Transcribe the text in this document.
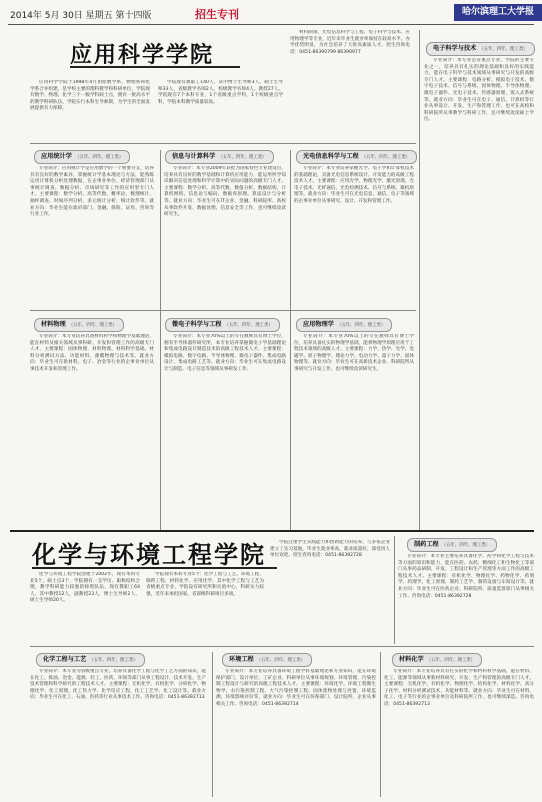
2014年 5月 30日 星期五 第十四版	招生专刊	哈尔滨理工大学报
应用科学学院

应用科学学院于1998年4月由原数学系、物理系和化学系合并组建，是学校主要的理科教学和科研单位，学院现有数学、物理、化学三个一级学科硕士点，拥有一批高水平的教学科研队伍，学院实行本科生导师制，为学生的全面发展提供有力保障。

学院现有教职工140人，其中博士生导师3人，硕士生导师33人，省级教学名师2人，校级教学名师4人，教授27人。学院现有7个本科专业，1个省级重点学科，1个校级重点学科，学院本科教学质量较高。

材料制备、光电信息科学与工程、电子科学与技术、应用物理学等专业，近年来毕业生就业率保持在较高水平。办学优势明显，为社会培养了大批高素质人才。招生咨询电话：0451-86390799 86390977

应用统计学 （五年、四年、理工类）

专业简介：应用统计学是应用数学的一个重要分支，培养具有良好的数学素养，掌握统计学基本理论与方法，能熟练运用计算机分析处理数据，在企事业单位、经济管理部门从事统计调查、数据分析、市场研究等工作的应用型专门人才。主要课程：数学分析、高等代数、概率论、数理统计、抽样调查、时间序列分析、多元统计分析、统计软件等。就业方向：毕业生能在政府部门、金融、保险、证券、咨询等行业工作。

信息与计算科学 （五年、四年、理工类）

专业简介：本专业2009年获批为国家特色专业建设点，培养具有良好的数学基础和计算机应用能力，能运用所学知识解决信息处理和科学计算中的实际问题的高级专门人才。主要课程：数学分析、高等代数、数值分析、数据结构、计算机网络、信息论与编码、数据库原理、算法设计与分析等。就业方向：毕业生可在IT企业、金融、科研院所、高校从事软件开发、数据处理、信息安全等工作，也可继续攻读研究生。

光电信息科学与工程 （五年、四年、理工类）

专业简介：本专业培养掌握光学、电子学和计算机技术的基础理论，具备光电信息系统设计、开发能力的高级工程技术人才。主要课程：应用光学、物理光学、激光原理、光电子技术、光纤通信、光电检测技术、信号与系统、微机原理等。就业方向：毕业生可在光电信息、通信、电子等领域的企事业单位从事研究、设计、开发和管理工作。

材料物理 （五年、四年、理工类）

专业简介：本专业培养具备材料科学和物理学基础理论，能在材料及相关领域从事科研、开发和管理工作的高级专门人才。主要课程：固体物理、材料物理、材料科学基础、材料分析测试方法、功能材料、薄膜物理与技术等。就业方向：毕业生可在新材料、电子、冶金等行业的企事业单位从事技术开发和管理工作。

微电子科学与工程 （五年、四年、理工类）

专业简介：本专业70%以上的专任教师具有博士学位，拥有半导体器件研究所，本专业培养掌握微电子学基础理论和集成电路设计制造技术的高级工程技术人才。主要课程：模拟电路、数字电路、半导体物理、微电子器件、集成电路设计、集成电路工艺等。就业方向：毕业生可在集成电路设计与制造、电子信息等领域从事研发工作。

应用物理学 （五年、四年、理工类）

专业简介：本专业70%以上的专任教师具有博士学位，培养具备扎实的物理学基础，能将物理学原理应用于工程技术领域的高级人才。主要课程：力学、热学、光学、电磁学、原子物理学、理论力学、电动力学、量子力学、固体物理等。就业方向：毕业生可在高新技术企业、科研院所从事研究与开发工作，也可继续攻读研究生。

电子科学与技术 （五年、四年、理工类）

专业简介：本专业是省重点专业，学院的主要专业之一，培养具有扎实的理论基础和良好的实践能力，能在电子科学与技术领域从事研究与开发的高级专门人才。主要课程：电路分析、模拟电子技术、数字电子技术、信号与系统、固体物理、半导体物理、微电子器件、光电子技术、传感器原理、嵌入式系统等。就业方向：毕业生可在电子、通信、计算机等行业从事设计、开发、生产和管理工作，也可在高校和科研院所从事教学与科研工作，还可继续攻读硕士学位。

化学与环境工程学院

化学与环境工程学院创建于2002年，现有本科专业5个，硕士点3个，学院拥有一支学历、职称结构合理，教学科研能力较强的师资队伍，现有教职工64人，其中教授12人，副教授23人，博士生导师2人，硕士生导师20人。

学院现有本科专业5个：化学工程与工艺、环境工程、制药工程、材料化学、应用化学，其中化学工程与工艺为省级重点专业，学院设有研究所和实验中心，科研实力较强，近年来承担国家、省部级科研项目多项。

学院注重学生实践能力和创新能力的培养，与多家企业建立了实习基地，毕业生就业率高，就业质量好，深受用人单位欢迎。招生咨询电话：0451-86392728

制药工程 （五年、四年、理工类）

专业简介：本专业主要培养具备化学、药学和化学工程与技术等方面的知识和能力，能在医药、农药、精细化工和生物化工等部门从事药品研制、开发、工程设计和生产管理等方面工作的高级工程技术人才。主要课程：有机化学、物理化学、药物化学、药剂学、药理学、化工原理、制药工艺学、制药设备与车间设计等。就业方向：毕业生可在医药企业、科研院所、质量监督部门从事相关工作。咨询电话：0451-86392728

化学工程与工艺 （五年、四年、理工类）

专业简介：本专业为省级重点专业，培养具备化学工程与化学工艺方面的知识，能在化工、炼油、冶金、能源、轻工、医药、环保等部门从事工程设计、技术开发、生产技术管理和科学研究的工程技术人才。主要课程：无机化学、有机化学、分析化学、物理化学、化工原理、化工热力学、化学反应工程、化工工艺学、化工设计等。就业方向：毕业生可在化工、石油、医药等行业从事技术工作。咨询电话：0451-86392713

环境工程 （五年、四年、理工类）

专业简介：本专业培养具备环境工程学科基础理论和专业知识，能在环境保护部门、设计单位、工矿企业、科研单位从事环境规划、环境管理、污染控制工程设计与研究的高级工程技术人才。主要课程：环境化学、环境工程微生物学、水污染控制工程、大气污染控制工程、固体废物处理与处置、环境监测、环境影响评价等。就业方向：毕业生可在环保部门、设计院所、企业从事相关工作。咨询电话：0451-86392714

材料化学 （五年、四年、理工类）

专业简介：本专业培养具有扎实的化学和材料科学基础，能在材料、化工、能源等领域从事新材料研究、开发、生产和管理的高级专门人才。主要课程：无机化学、有机化学、物理化学、结构化学、材料化学、高分子化学、材料分析测试技术、功能材料等。就业方向：毕业生可在材料、化工、电子等行业的企事业单位及科研院所工作，也可继续深造。咨询电话：0451-86392713
